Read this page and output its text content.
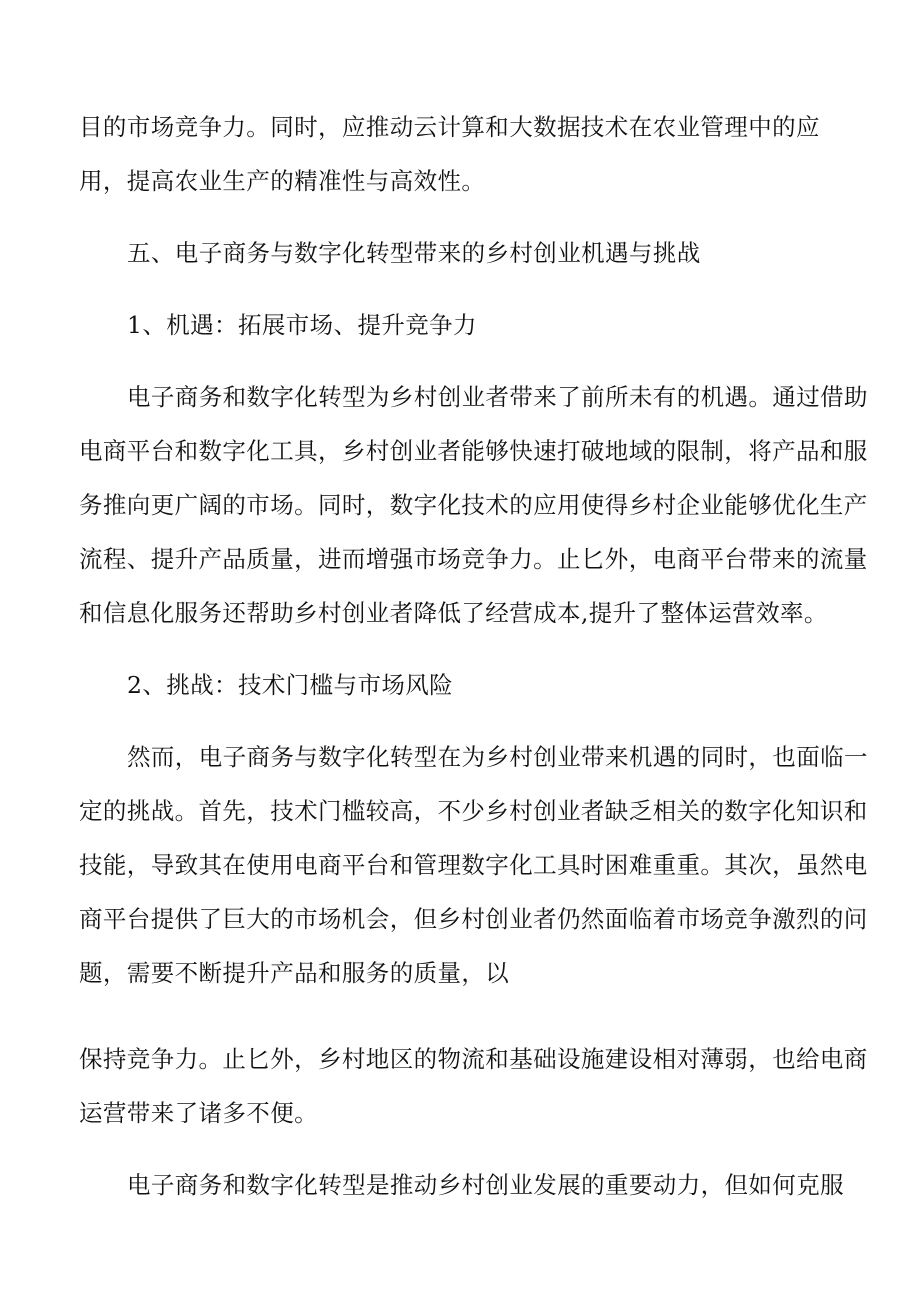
目的市场竞争力。同时，应推动云计算和大数据技术在农业管理中的应
用，提高农业生产的精准性与高效性。
五、电子商务与数字化转型带来的乡村创业机遇与挑战
1、机遇：拓展市场、提升竞争力
电子商务和数字化转型为乡村创业者带来了前所未有的机遇。通过借助
电商平台和数字化工具，乡村创业者能够快速打破地域的限制，将产品和服
务推向更广阔的市场。同时，数字化技术的应用使得乡村企业能够优化生产
流程、提升产品质量，进而增强市场竞争力。止匕外，电商平台带来的流量
和信息化服务还帮助乡村创业者降低了经营成本,提升了整体运营效率。
2、挑战：技术门槛与市场风险
然而，电子商务与数字化转型在为乡村创业带来机遇的同时，也面临一
定的挑战。首先，技术门槛较高，不少乡村创业者缺乏相关的数字化知识和
技能，导致其在使用电商平台和管理数字化工具时困难重重。其次，虽然电
商平台提供了巨大的市场机会，但乡村创业者仍然面临着市场竞争激烈的问
题，需要不断提升产品和服务的质量，以
保持竞争力。止匕外，乡村地区的物流和基础设施建设相对薄弱，也给电商
运营带来了诸多不便。
电子商务和数字化转型是推动乡村创业发展的重要动力，但如何克服
